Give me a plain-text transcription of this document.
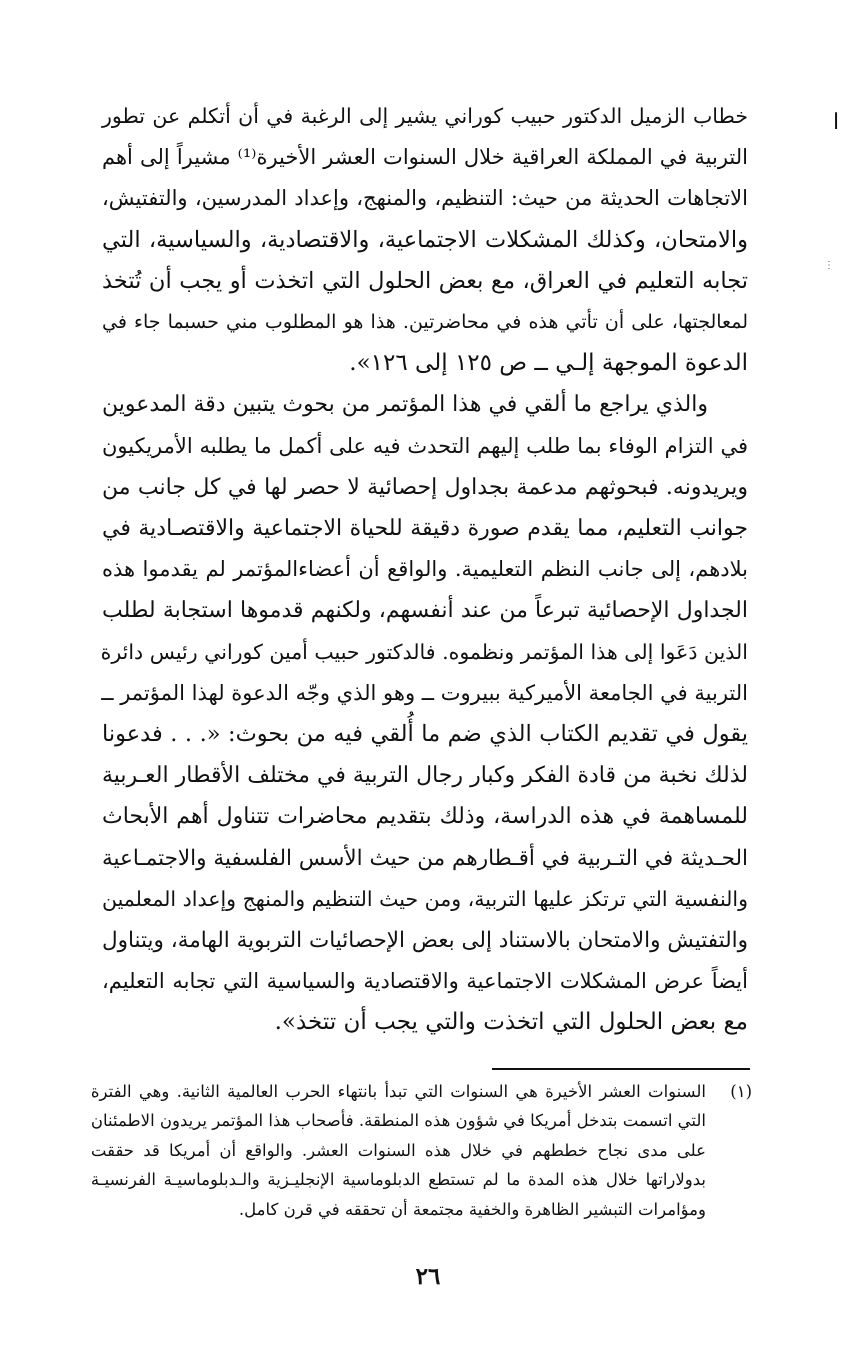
ا
⋮
خطاب الزميل الدكتور حبيب كوراني يشير إلى الرغبة في أن أتكلم عن تطور
التربية في المملكة العراقية خلال السنوات العشر الأخيرة⁽¹⁾ مشيراً إلى أهم
الاتجاهات الحديثة من حيث: التنظيم، والمنهج، وإعداد المدرسين، والتفتيش،
والامتحان، وكذلك المشكلات الاجتماعية، والاقتصادية، والسياسية، التي
تجابه التعليم في العراق، مع بعض الحلول التي اتخذت أو يجب أن تُتخذ
لمعالجتها، على أن تأتي هذه في محاضرتين. هذا هو المطلوب مني حسبما جاء في
الدعوة الموجهة إلـي ــ ص ١٢٥ إلى ١٢٦».
والذي يراجع ما ألقي في هذا المؤتمر من بحوث يتبين دقة المدعوين
في التزام الوفاء بما طلب إليهم التحدث فيه على أكمل ما يطلبه الأمريكيون
ويريدونه. فبحوثهم مدعمة بجداول إحصائية لا حصر لها في كل جانب من
جوانب التعليم، مما يقدم صورة دقيقة للحياة الاجتماعية والاقتصـادية في
بلادهم، إلى جانب النظم التعليمية. والواقع أن أعضاءالمؤتمر لم يقدموا هذه
الجداول الإحصائية تبرعاً من عند أنفسهم، ولكنهم قدموها استجابة لطلب
الذين دَعَوا إلى هذا المؤتمر ونظموه. فالدكتور حبيب أمين كوراني رئيس دائرة
التربية في الجامعة الأميركية ببيروت ــ وهو الذي وجّه الدعوة لهذا المؤتمر ــ
يقول في تقديم الكتاب الذي ضم ما أُلقي فيه من بحوث: «. . . فدعونا
لذلك نخبة من قادة الفكر وكبار رجال التربية في مختلف الأقطار العـربية
للمساهمة في هذه الدراسة، وذلك بتقديم محاضرات تتناول أهم الأبحاث
الحـديثة في التـربية في أقـطارهم من حيث الأسس الفلسفية والاجتمـاعية
والنفسية التي ترتكز عليها التربية، ومن حيث التنظيم والمنهج وإعداد المعلمين
والتفتيش والامتحان بالاستناد إلى بعض الإحصائيات التربوية الهامة، ويتناول
أيضاً عرض المشكلات الاجتماعية والاقتصادية والسياسية التي تجابه التعليم،
مع بعض الحلول التي اتخذت والتي يجب أن تتخذ».
(١)
السنوات العشر الأخيرة هي السنوات التي تبدأ بانتهاء الحرب العالمية الثانية. وهي الفترة
التي اتسمت بتدخل أمريكا في شؤون هذه المنطقة. فأصحاب هذا المؤتمر يريدون الاطمئنان
على مدى نجاح خططهم في خلال هذه السنوات العشر. والواقع أن أمريكا قد حققت
بدولاراتها خلال هذه المدة ما لم تستطع الدبلوماسية الإنجليـزية والـدبلوماسيـة الفرنسيـة
ومؤامرات التبشير الظاهرة والخفية مجتمعة أن تحققه في قرن كامل.
٢٦
